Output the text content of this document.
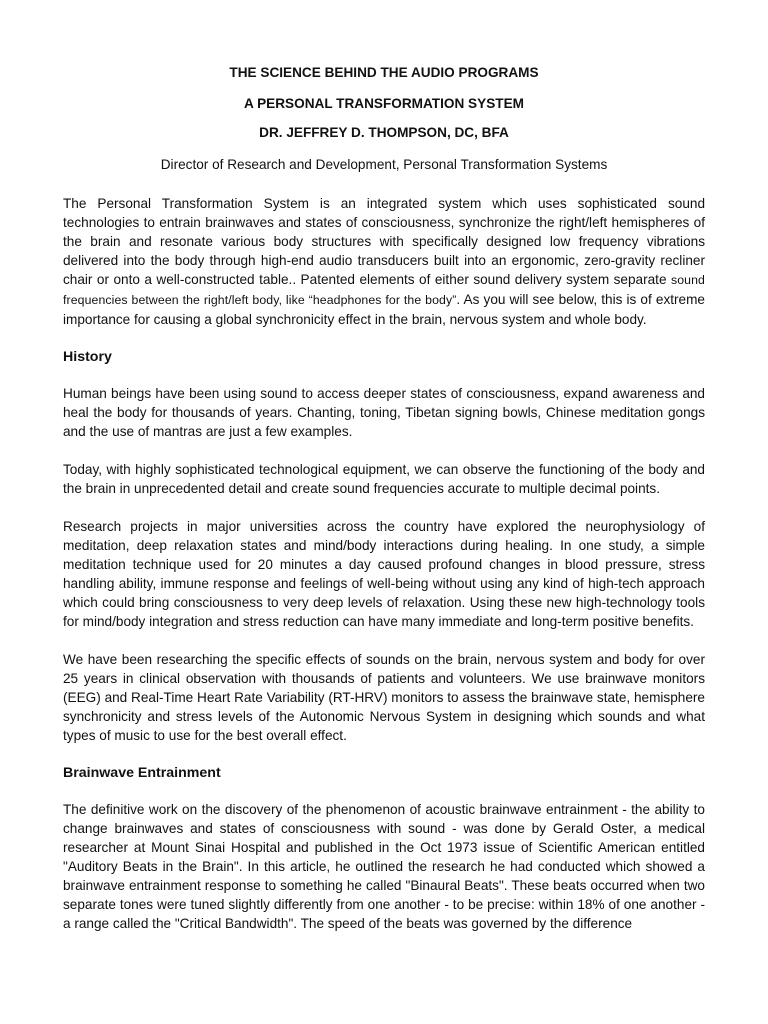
THE SCIENCE BEHIND THE AUDIO PROGRAMS

A PERSONAL TRANSFORMATION SYSTEM

DR. JEFFREY D. THOMPSON, DC, BFA

Director of Research and Development, Personal Transformation Systems

The Personal Transformation System is an integrated system which uses sophisticated sound technologies to entrain brainwaves and states of consciousness, synchronize the right/left hemispheres of the brain and resonate various body structures with specifically designed low frequency vibrations delivered into the body through high-end audio transducers built into an ergonomic, zero-gravity recliner chair or onto a well-constructed table.. Patented elements of either sound delivery system separate sound frequencies between the right/left body, like “headphones for the body”. As you will see below, this is of extreme importance for causing a global synchronicity effect in the brain, nervous system and whole body.

History

Human beings have been using sound to access deeper states of consciousness, expand awareness and heal the body for thousands of years. Chanting, toning, Tibetan signing bowls, Chinese meditation gongs and the use of mantras are just a few examples.

Today, with highly sophisticated technological equipment, we can observe the functioning of the body and the brain in unprecedented detail and create sound frequencies accurate to multiple decimal points.

Research projects in major universities across the country have explored the neurophysiology of meditation, deep relaxation states and mind/body interactions during healing. In one study, a simple meditation technique used for 20 minutes a day caused profound changes in blood pressure, stress handling ability, immune response and feelings of well-being without using any kind of high-tech approach which could bring consciousness to very deep levels of relaxation. Using these new high-technology tools for mind/body integration and stress reduction can have many immediate and long-term positive benefits.

We have been researching the specific effects of sounds on the brain, nervous system and body for over 25 years in clinical observation with thousands of patients and volunteers. We use brainwave monitors (EEG) and Real-Time Heart Rate Variability (RT-HRV) monitors to assess the brainwave state, hemisphere synchronicity and stress levels of the Autonomic Nervous System in designing which sounds and what types of music to use for the best overall effect.

Brainwave Entrainment

The definitive work on the discovery of the phenomenon of acoustic brainwave entrainment - the ability to change brainwaves and states of consciousness with sound - was done by Gerald Oster, a medical researcher at Mount Sinai Hospital and published in the Oct 1973 issue of Scientific American entitled "Auditory Beats in the Brain". In this article, he outlined the research he had conducted which showed a brainwave entrainment response to something he called "Binaural Beats". These beats occurred when two separate tones were tuned slightly differently from one another - to be precise: within 18% of one another - a range called the "Critical Bandwidth". The speed of the beats was governed by the difference
